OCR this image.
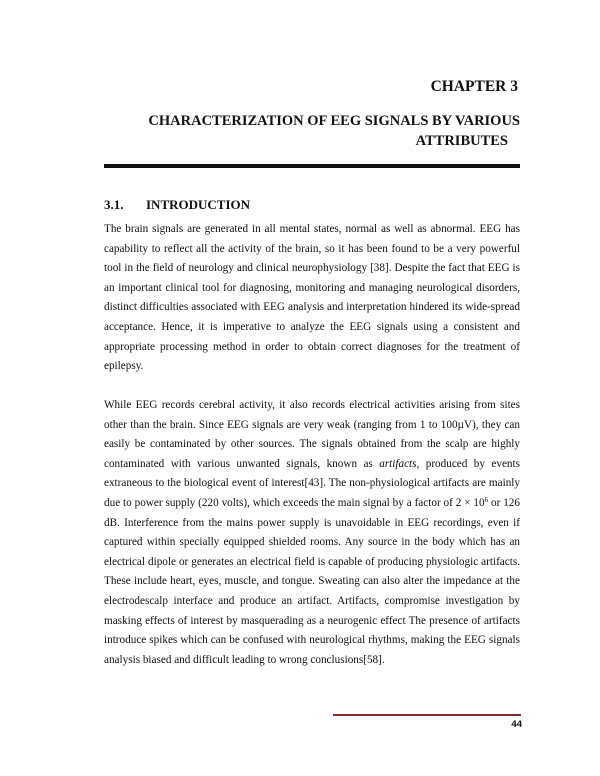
CHAPTER 3
CHARACTERIZATION OF EEG SIGNALS BY VARIOUS
ATTRIBUTES
3.1. INTRODUCTION

The brain signals are generated in all mental states, normal as well as abnormal. EEG has capability to reflect all the activity of the brain, so it has been found to be a very powerful tool in the field of neurology and clinical neurophysiology [38]. Despite the fact that EEG is an important clinical tool for diagnosing, monitoring and managing neurological disorders, distinct difficulties associated with EEG analysis and interpretation hindered its wide-spread acceptance. Hence, it is imperative to analyze the EEG signals using a consistent and appropriate processing method in order to obtain correct diagnoses for the treatment of epilepsy.

While EEG records cerebral activity, it also records electrical activities arising from sites other than the brain. Since EEG signals are very weak (ranging from 1 to 100µV), they can easily be contaminated by other sources. The signals obtained from the scalp are highly contaminated with various unwanted signals, known as artifacts, produced by events extraneous to the biological event of interest[43]. The non-physiological artifacts are mainly due to power supply (220 volts), which exceeds the main signal by a factor of $2 \times 10^6$ or 126 dB. Interference from the mains power supply is unavoidable in EEG recordings, even if captured within specially equipped shielded rooms. Any source in the body which has an electrical dipole or generates an electrical field is capable of producing physiologic artifacts. These include heart, eyes, muscle, and tongue. Sweating can also alter the impedance at the electrodescalp interface and produce an artifact. Artifacts, compromise investigation by masking effects of interest by masquerading as a neurogenic effect The presence of artifacts introduce spikes which can be confused with neurological rhythms, making the EEG signals analysis biased and difficult leading to wrong conclusions[58].

44
